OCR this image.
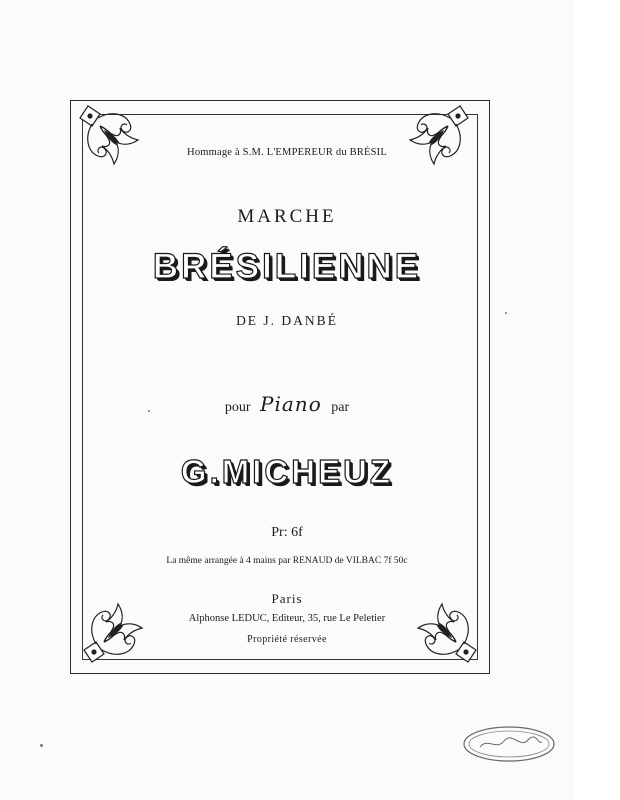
Hommage à S.M. L'EMPEREUR du BRÉSIL
MARCHE
BRÉSILIENNE
DE J. DANBÉ
pour Piano par
G.MICHEUZ
Pr: 6f
La même arrangée à 4 mains par RENAUD de VILBAC 7f 50c
Paris
Alphonse LEDUC, Editeur, 35, rue Le Peletier
Propriété réservée
